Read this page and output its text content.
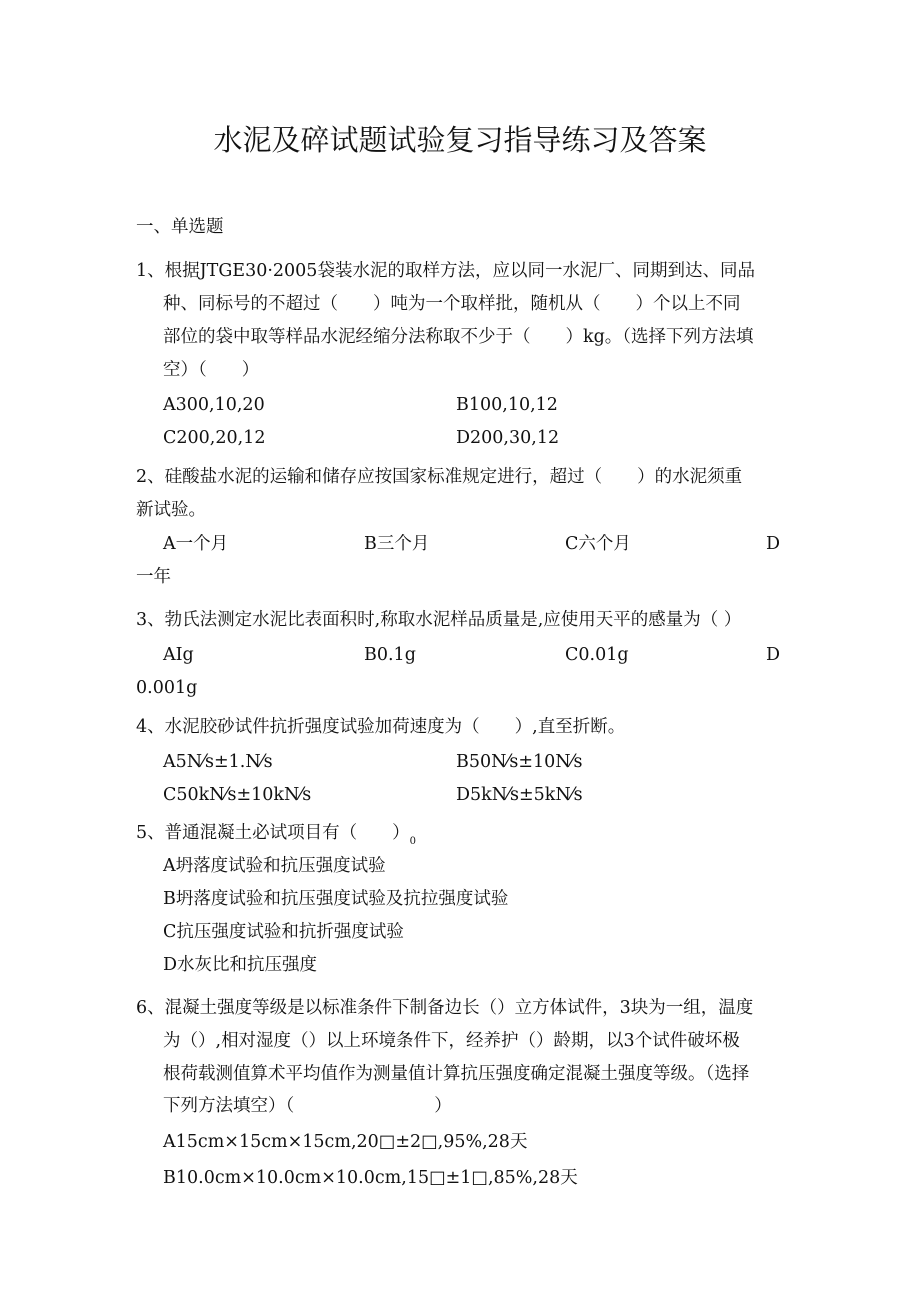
水泥及碎试题试验复习指导练习及答案
一、单选题
1、根据JTGE30·2005袋装水泥的取样方法，应以同一水泥厂、同期到达、同品
种、同标号的不超过（　　）吨为一个取样批，随机从（　　）个以上不同
部位的袋中取等样品水泥经缩分法称取不少于（　　）kg。（选择下列方法填
空）（　　）
A300,10,20	B100,10,12
C200,20,12	D200,30,12
2、硅酸盐水泥的运输和储存应按国家标准规定进行，超过（　　）的水泥须重
新试验。
A一个月	B三个月	C六个月	D
一年
3、勃氏法测定水泥比表面积时,称取水泥样品质量是,应使用天平的感量为（ ）
AIg	B0.1g	C0.01g	D
0.001g
4、水泥胶砂试件抗折强度试验加荷速度为（　　）,直至折断。
A5N⁄s±1.N⁄s	B50N⁄s±10N⁄s
C50kN⁄s±10kN⁄s	D5kN⁄s±5kN⁄s
5、普通混凝土必试项目有（　　）$_0$
A坍落度试验和抗压强度试验
B坍落度试验和抗压强度试验及抗拉强度试验
C抗压强度试验和抗折强度试验
D水灰比和抗压强度
6、混凝土强度等级是以标准条件下制备边长（）立方体试件，3块为一组，温度
为（）,相对湿度（）以上环境条件下，经养护（）龄期，以3个试件破坏极
根荷载测值算术平均值作为测量值计算抗压强度确定混凝土强度等级。（选择
下列方法填空）（　　　　　　　　）
A15cm×15cm×15cm,20□±2□,95%,28天
B10.0cm×10.0cm×10.0cm,15□±1□,85%,28天
